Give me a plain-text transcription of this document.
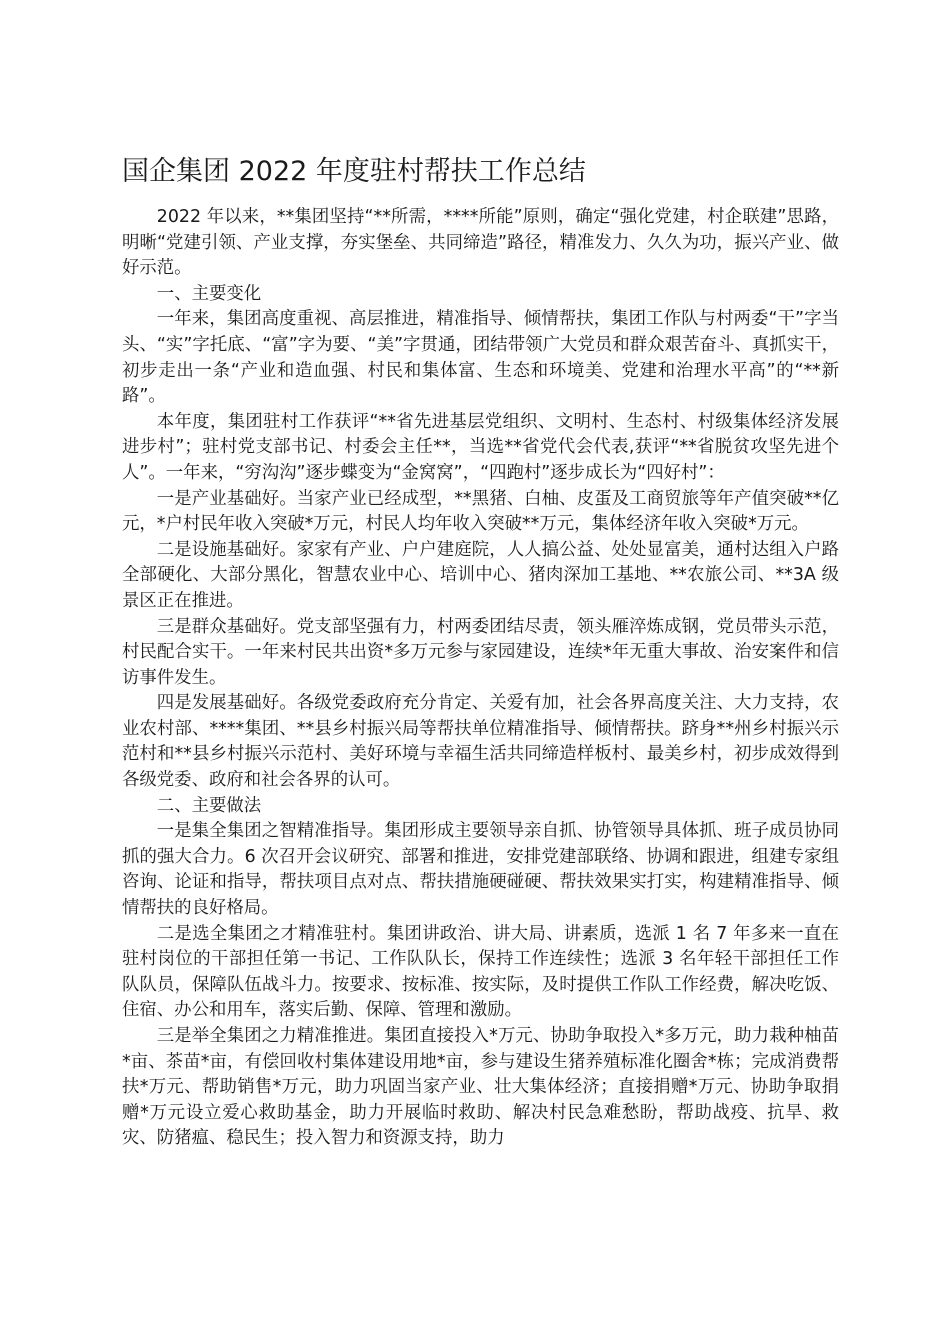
国企集团 2022 年度驻村帮扶工作总结

2022 年以来，**集团坚持“**所需，****所能”原则，确定“强化党建，村企联建”思路，明晰“党建引领、产业支撑，夯实堡垒、共同缔造”路径，精准发力、久久为功，振兴产业、做好示范。

一、主要变化

一年来，集团高度重视、高层推进，精准指导、倾情帮扶，集团工作队与村两委“干”字当头、“实”字托底、“富”字为要、“美”字贯通，团结带领广大党员和群众艰苦奋斗、真抓实干，初步走出一条“产业和造血强、村民和集体富、生态和环境美、党建和治理水平高”的“**新路”。

本年度，集团驻村工作获评“**省先进基层党组织、文明村、生态村、村级集体经济发展进步村”；驻村党支部书记、村委会主任**，当选**省党代会代表,获评“**省脱贫攻坚先进个人”。一年来，“穷沟沟”逐步蝶变为“金窝窝”，“四跑村”逐步成长为“四好村”：

一是产业基础好。当家产业已经成型，**黑猪、白柚、皮蛋及工商贸旅等年产值突破**亿元，*户村民年收入突破*万元，村民人均年收入突破**万元，集体经济年收入突破*万元。

二是设施基础好。家家有产业、户户建庭院，人人搞公益、处处显富美，通村达组入户路全部硬化、大部分黑化，智慧农业中心、培训中心、猪肉深加工基地、**农旅公司、**3A 级景区正在推进。

三是群众基础好。党支部坚强有力，村两委团结尽责，领头雁淬炼成钢，党员带头示范，村民配合实干。一年来村民共出资*多万元参与家园建设，连续*年无重大事故、治安案件和信访事件发生。

四是发展基础好。各级党委政府充分肯定、关爱有加，社会各界高度关注、大力支持，农业农村部、****集团、**县乡村振兴局等帮扶单位精准指导、倾情帮扶。跻身**州乡村振兴示范村和**县乡村振兴示范村、美好环境与幸福生活共同缔造样板村、最美乡村，初步成效得到各级党委、政府和社会各界的认可。

二、主要做法

一是集全集团之智精准指导。集团形成主要领导亲自抓、协管领导具体抓、班子成员协同抓的强大合力。6 次召开会议研究、部署和推进，安排党建部联络、协调和跟进，组建专家组咨询、论证和指导，帮扶项目点对点、帮扶措施硬碰硬、帮扶效果实打实，构建精准指导、倾情帮扶的良好格局。

二是选全集团之才精准驻村。集团讲政治、讲大局、讲素质，选派 1 名 7 年多来一直在驻村岗位的干部担任第一书记、工作队队长，保持工作连续性；选派 3 名年轻干部担任工作队队员，保障队伍战斗力。按要求、按标准、按实际，及时提供工作队工作经费，解决吃饭、住宿、办公和用车，落实后勤、保障、管理和激励。

三是举全集团之力精准推进。集团直接投入*万元、协助争取投入*多万元，助力栽种柚苗*亩、茶苗*亩，有偿回收村集体建设用地*亩，参与建设生猪养殖标准化圈舍*栋；完成消费帮扶*万元、帮助销售*万元，助力巩固当家产业、壮大集体经济；直接捐赠*万元、协助争取捐赠*万元设立爱心救助基金，助力开展临时救助、解决村民急难愁盼，帮助战疫、抗旱、救灾、防猪瘟、稳民生；投入智力和资源支持，助力
